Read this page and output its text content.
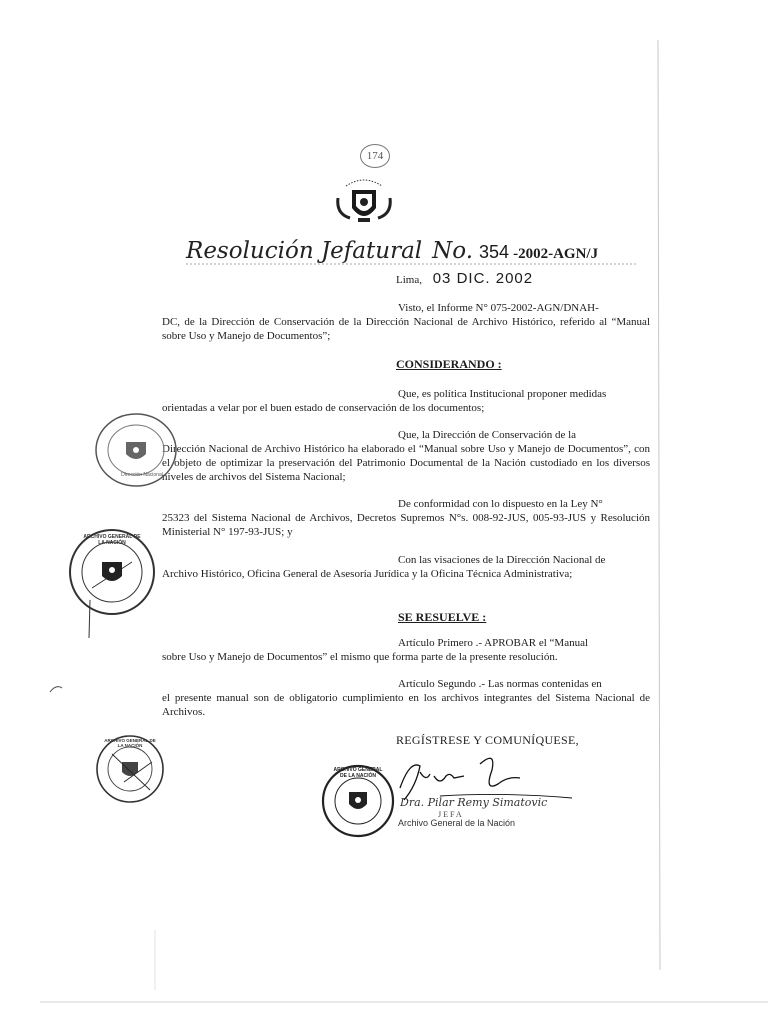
174
Resolución Jefatural No. 354 -2002-AGN/J
Lima, 03 DIC. 2002
Visto, el Informe N° 075-2002-AGN/DNAH-
DC, de la Dirección de Conservación de la Dirección Nacional de Archivo Histórico, referido al “Manual sobre Uso y Manejo de Documentos”;
CONSIDERANDO :
Que, es política Institucional proponer medidas
orientadas a velar por el buen estado de conservación de los documentos;
Que, la Dirección de Conservación de la
Dirección Nacional de Archivo Histórico ha elaborado el “Manual sobre Uso y Manejo de Documentos”, con el objeto de optimizar la preservación del Patrimonio Documental de la Nación custodiado en los diversos niveles de archivos del Sistema Nacional;
De conformidad con lo dispuesto en la Ley N°
25323 del Sistema Nacional de Archivos, Decretos Supremos N°s. 008-92-JUS, 005-93-JUS y Resolución Ministerial N° 197-93-JUS; y
Con las visaciones de la Dirección Nacional de
Archivo Histórico, Oficina General de Asesoría Jurídica y la Oficina Técnica Administrativa;
SE RESUELVE :
Artículo Primero .- APROBAR el “Manual
sobre Uso y Manejo de Documentos” el mismo que forma parte de la presente resolución.
Artículo Segundo .- Las normas contenidas en
el presente manual son de obligatorio cumplimiento en los archivos integrantes del Sistema Nacional de Archivos.
REGÍSTRESE Y COMUNÍQUESE,
Dra. Pilar Remy Simatovic
JEFA
Archivo General de la Nación
Dirección Nacional
ARCHIVO GENERAL DE LA NACIÓN
ARCHIVO GENERAL DE LA NACIÓN
ARCHIVO GENERAL DE LA NACIÓN
